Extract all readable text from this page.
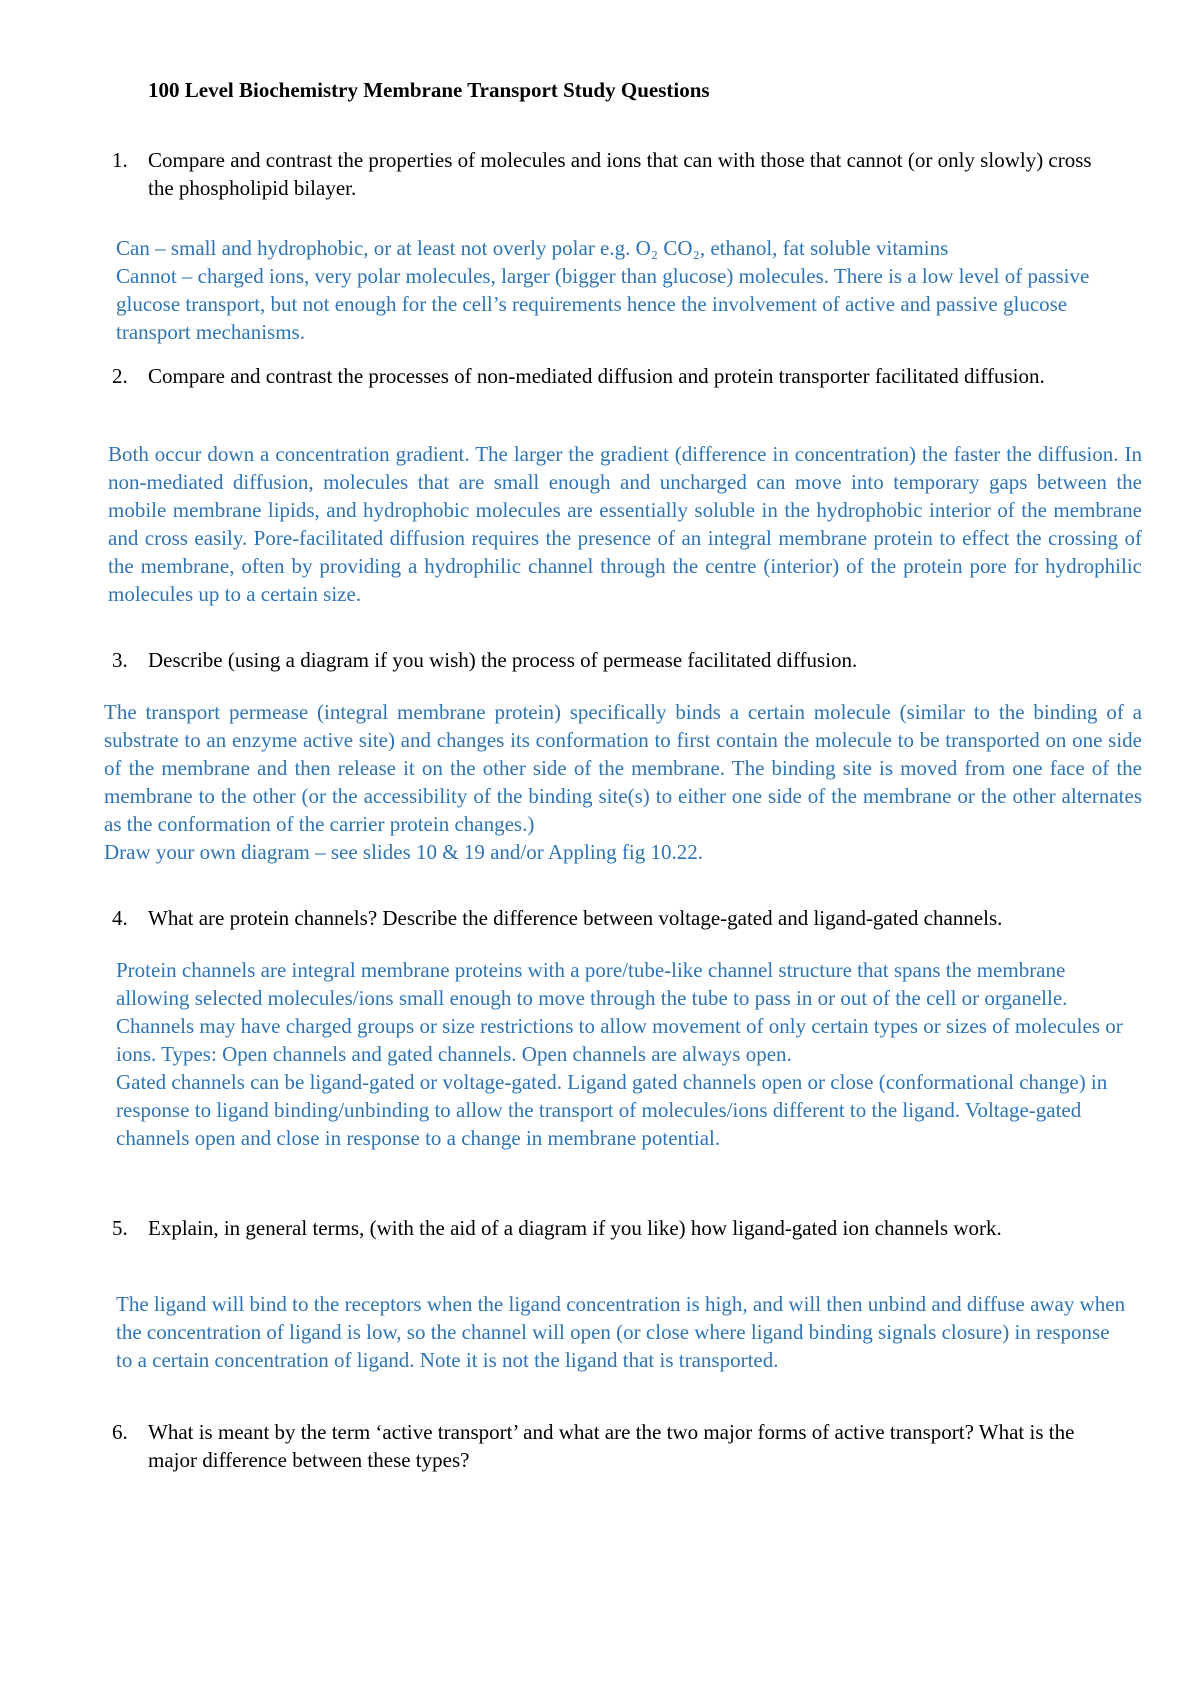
100 Level Biochemistry Membrane Transport Study Questions
1. Compare and contrast the properties of molecules and ions that can with those that cannot (or only slowly) cross the phospholipid bilayer.

Can – small and hydrophobic, or at least not overly polar e.g. O₂ CO₂, ethanol, fat soluble vitamins

Cannot – charged ions, very polar molecules, larger (bigger than glucose) molecules. There is a low level of passive glucose transport, but not enough for the cell’s requirements hence the involvement of active and passive glucose transport mechanisms.

2. Compare and contrast the processes of non-mediated diffusion and protein transporter facilitated diffusion.

Both occur down a concentration gradient. The larger the gradient (difference in concentration) the faster the diffusion. In non-mediated diffusion, molecules that are small enough and uncharged can move into temporary gaps between the mobile membrane lipids, and hydrophobic molecules are essentially soluble in the hydrophobic interior of the membrane and cross easily. Pore-facilitated diffusion requires the presence of an integral membrane protein to effect the crossing of the membrane, often by providing a hydrophilic channel through the centre (interior) of the protein pore for hydrophilic molecules up to a certain size.

3. Describe (using a diagram if you wish) the process of permease facilitated diffusion.

The transport permease (integral membrane protein) specifically binds a certain molecule (similar to the binding of a substrate to an enzyme active site) and changes its conformation to first contain the molecule to be transported on one side of the membrane and then release it on the other side of the membrane. The binding site is moved from one face of the membrane to the other (or the accessibility of the binding site(s) to either one side of the membrane or the other alternates as the conformation of the carrier protein changes.)

Draw your own diagram – see slides 10 & 19 and/or Appling fig 10.22.

4. What are protein channels? Describe the difference between voltage-gated and ligand-gated channels.

Protein channels are integral membrane proteins with a pore/tube-like channel structure that spans the membrane allowing selected molecules/ions small enough to move through the tube to pass in or out of the cell or organelle. Channels may have charged groups or size restrictions to allow movement of only certain types or sizes of molecules or ions. Types: Open channels and gated channels. Open channels are always open.

Gated channels can be ligand-gated or voltage-gated. Ligand gated channels open or close (conformational change) in response to ligand binding/unbinding to allow the transport of molecules/ions different to the ligand. Voltage-gated channels open and close in response to a change in membrane potential.

5. Explain, in general terms, (with the aid of a diagram if you like) how ligand-gated ion channels work.

The ligand will bind to the receptors when the ligand concentration is high, and will then unbind and diffuse away when the concentration of ligand is low, so the channel will open (or close where ligand binding signals closure) in response to a certain concentration of ligand. Note it is not the ligand that is transported.

6. What is meant by the term ‘active transport’ and what are the two major forms of active transport? What is the major difference between these types?
